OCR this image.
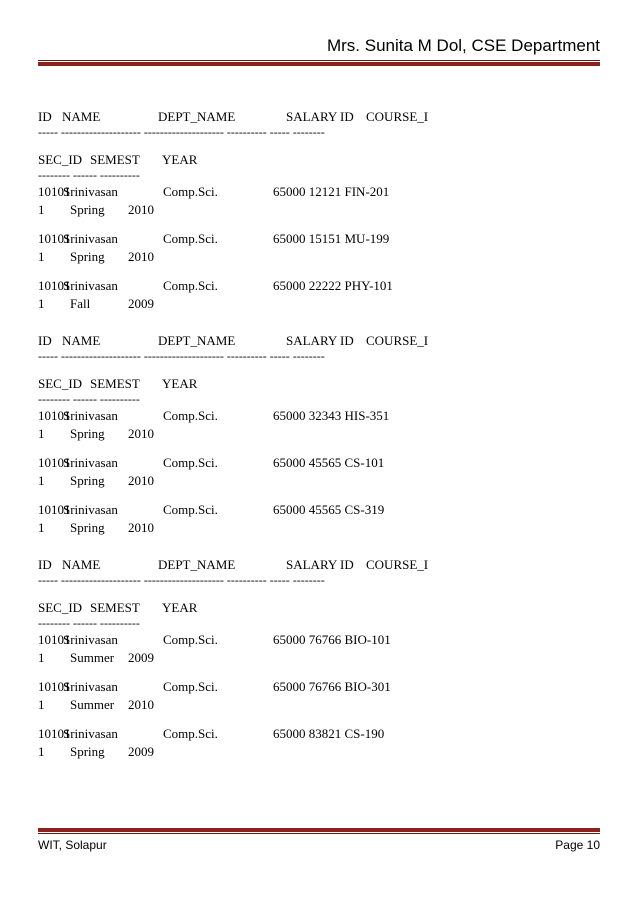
Mrs. Sunita M Dol, CSE Department
ID NAME	DEPT_NAME	SALARY ID COURSE_I
----- -------------------- -------------------- ---------- ----- --------
SEC_ID SEMEST YEAR
-------- ------ ----------
10101
Srinivasan	Comp.Sci.	65000 12121 FIN-201
1 Spring 2010
10101
Srinivasan	Comp.Sci.	65000 15151 MU-199
1 Spring 2010
10101
Srinivasan	Comp.Sci.	65000 22222 PHY-101
1 Fall	2009
ID NAME	DEPT_NAME	SALARY ID COURSE_I
----- -------------------- -------------------- ---------- ----- --------
SEC_ID SEMEST YEAR
-------- ------ ----------
10101
Srinivasan	Comp.Sci.	65000 32343 HIS-351
1 Spring 2010
10101
Srinivasan	Comp.Sci.	65000 45565 CS-101
1 Spring 2010
10101
Srinivasan	Comp.Sci.	65000 45565 CS-319
1 Spring 2010
ID NAME	DEPT_NAME	SALARY ID COURSE_I
----- -------------------- -------------------- ---------- ----- --------
SEC_ID SEMEST YEAR
-------- ------ ----------
10101
Srinivasan	Comp.Sci.	65000 76766 BIO-101
1 Summer 2009
10101
Srinivasan	Comp.Sci.	65000 76766 BIO-301
1 Summer 2010
10101
Srinivasan	Comp.Sci.	65000 83821 CS-190
1 Spring 2009
WIT, Solapur	Page 10
